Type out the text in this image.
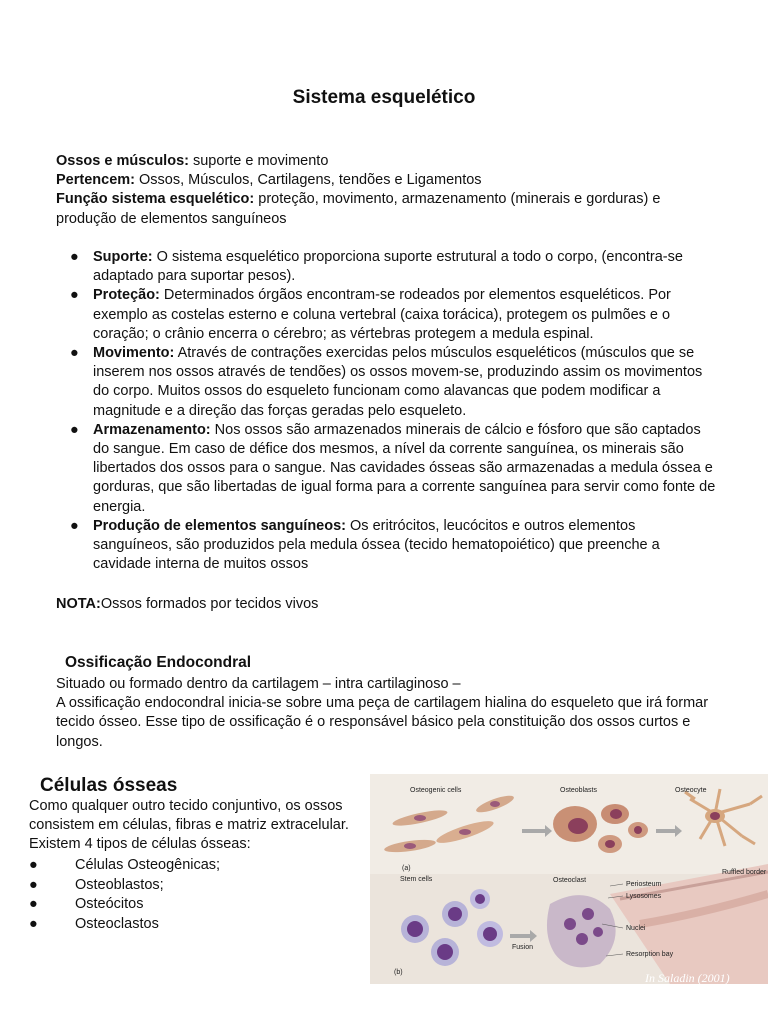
Sistema esquelético
Ossos e músculos: suporte e movimento
Pertencem: Ossos, Músculos, Cartilagens, tendões e Ligamentos
Função sistema esquelético: proteção, movimento, armazenamento (minerais e gorduras) e produção de elementos sanguíneos
● Suporte: O sistema esquelético proporciona suporte estrutural a todo o corpo, (encontra-se adaptado para suportar pesos).
● Proteção: Determinados órgãos encontram-se rodeados por elementos esqueléticos. Por exemplo as costelas esterno e coluna vertebral (caixa torácica), protegem os pulmões e o coração; o crânio encerra o cérebro; as vértebras protegem a medula espinal.
● Movimento: Através de contrações exercidas pelos músculos esqueléticos (músculos que se inserem nos ossos através de tendões) os ossos movem-se, produzindo assim os movimentos do corpo. Muitos ossos do esqueleto funcionam como alavancas que podem modificar a magnitude e a direção das forças geradas pelo esqueleto.
● Armazenamento: Nos ossos são armazenados minerais de cálcio e fósforo que são captados do sangue. Em caso de défice dos mesmos, a nível da corrente sanguínea, os minerais são libertados dos ossos para o sangue. Nas cavidades ósseas são armazenadas a medula óssea e gorduras, que são libertadas de igual forma para a corrente sanguínea para servir como fonte de energia.
● Produção de elementos sanguíneos: Os eritrócitos, leucócitos e outros elementos sanguíneos, são produzidos pela medula óssea (tecido hematopoiético) que preenche a cavidade interna de muitos ossos
NOTA:Ossos formados por tecidos vivos
Ossificação Endocondral
Situado ou formado dentro da cartilagem – intra cartilaginoso –
A ossificação endocondral inicia-se sobre uma peça de cartilagem hialina do esqueleto que irá formar tecido ósseo. Esse tipo de ossificação é o responsável básico pela constituição dos ossos curtos e longos.
Células ósseas
Como qualquer outro tecido conjuntivo, os ossos consistem em células, fibras e matriz extracelular. Existem 4 tipos de células ósseas:
●	Células Osteogênicas;
●	Osteoblastos;
●	Osteócitos
●	Osteoclastos
Osteogenic cells	Osteoblasts	Osteocyte
(a)
Stem cells	Osteoclast
(b)
Fusion
Periosteum
Lysosomes
Nuclei
Resorption bay
Ruffled border
In Saladin (2001)
